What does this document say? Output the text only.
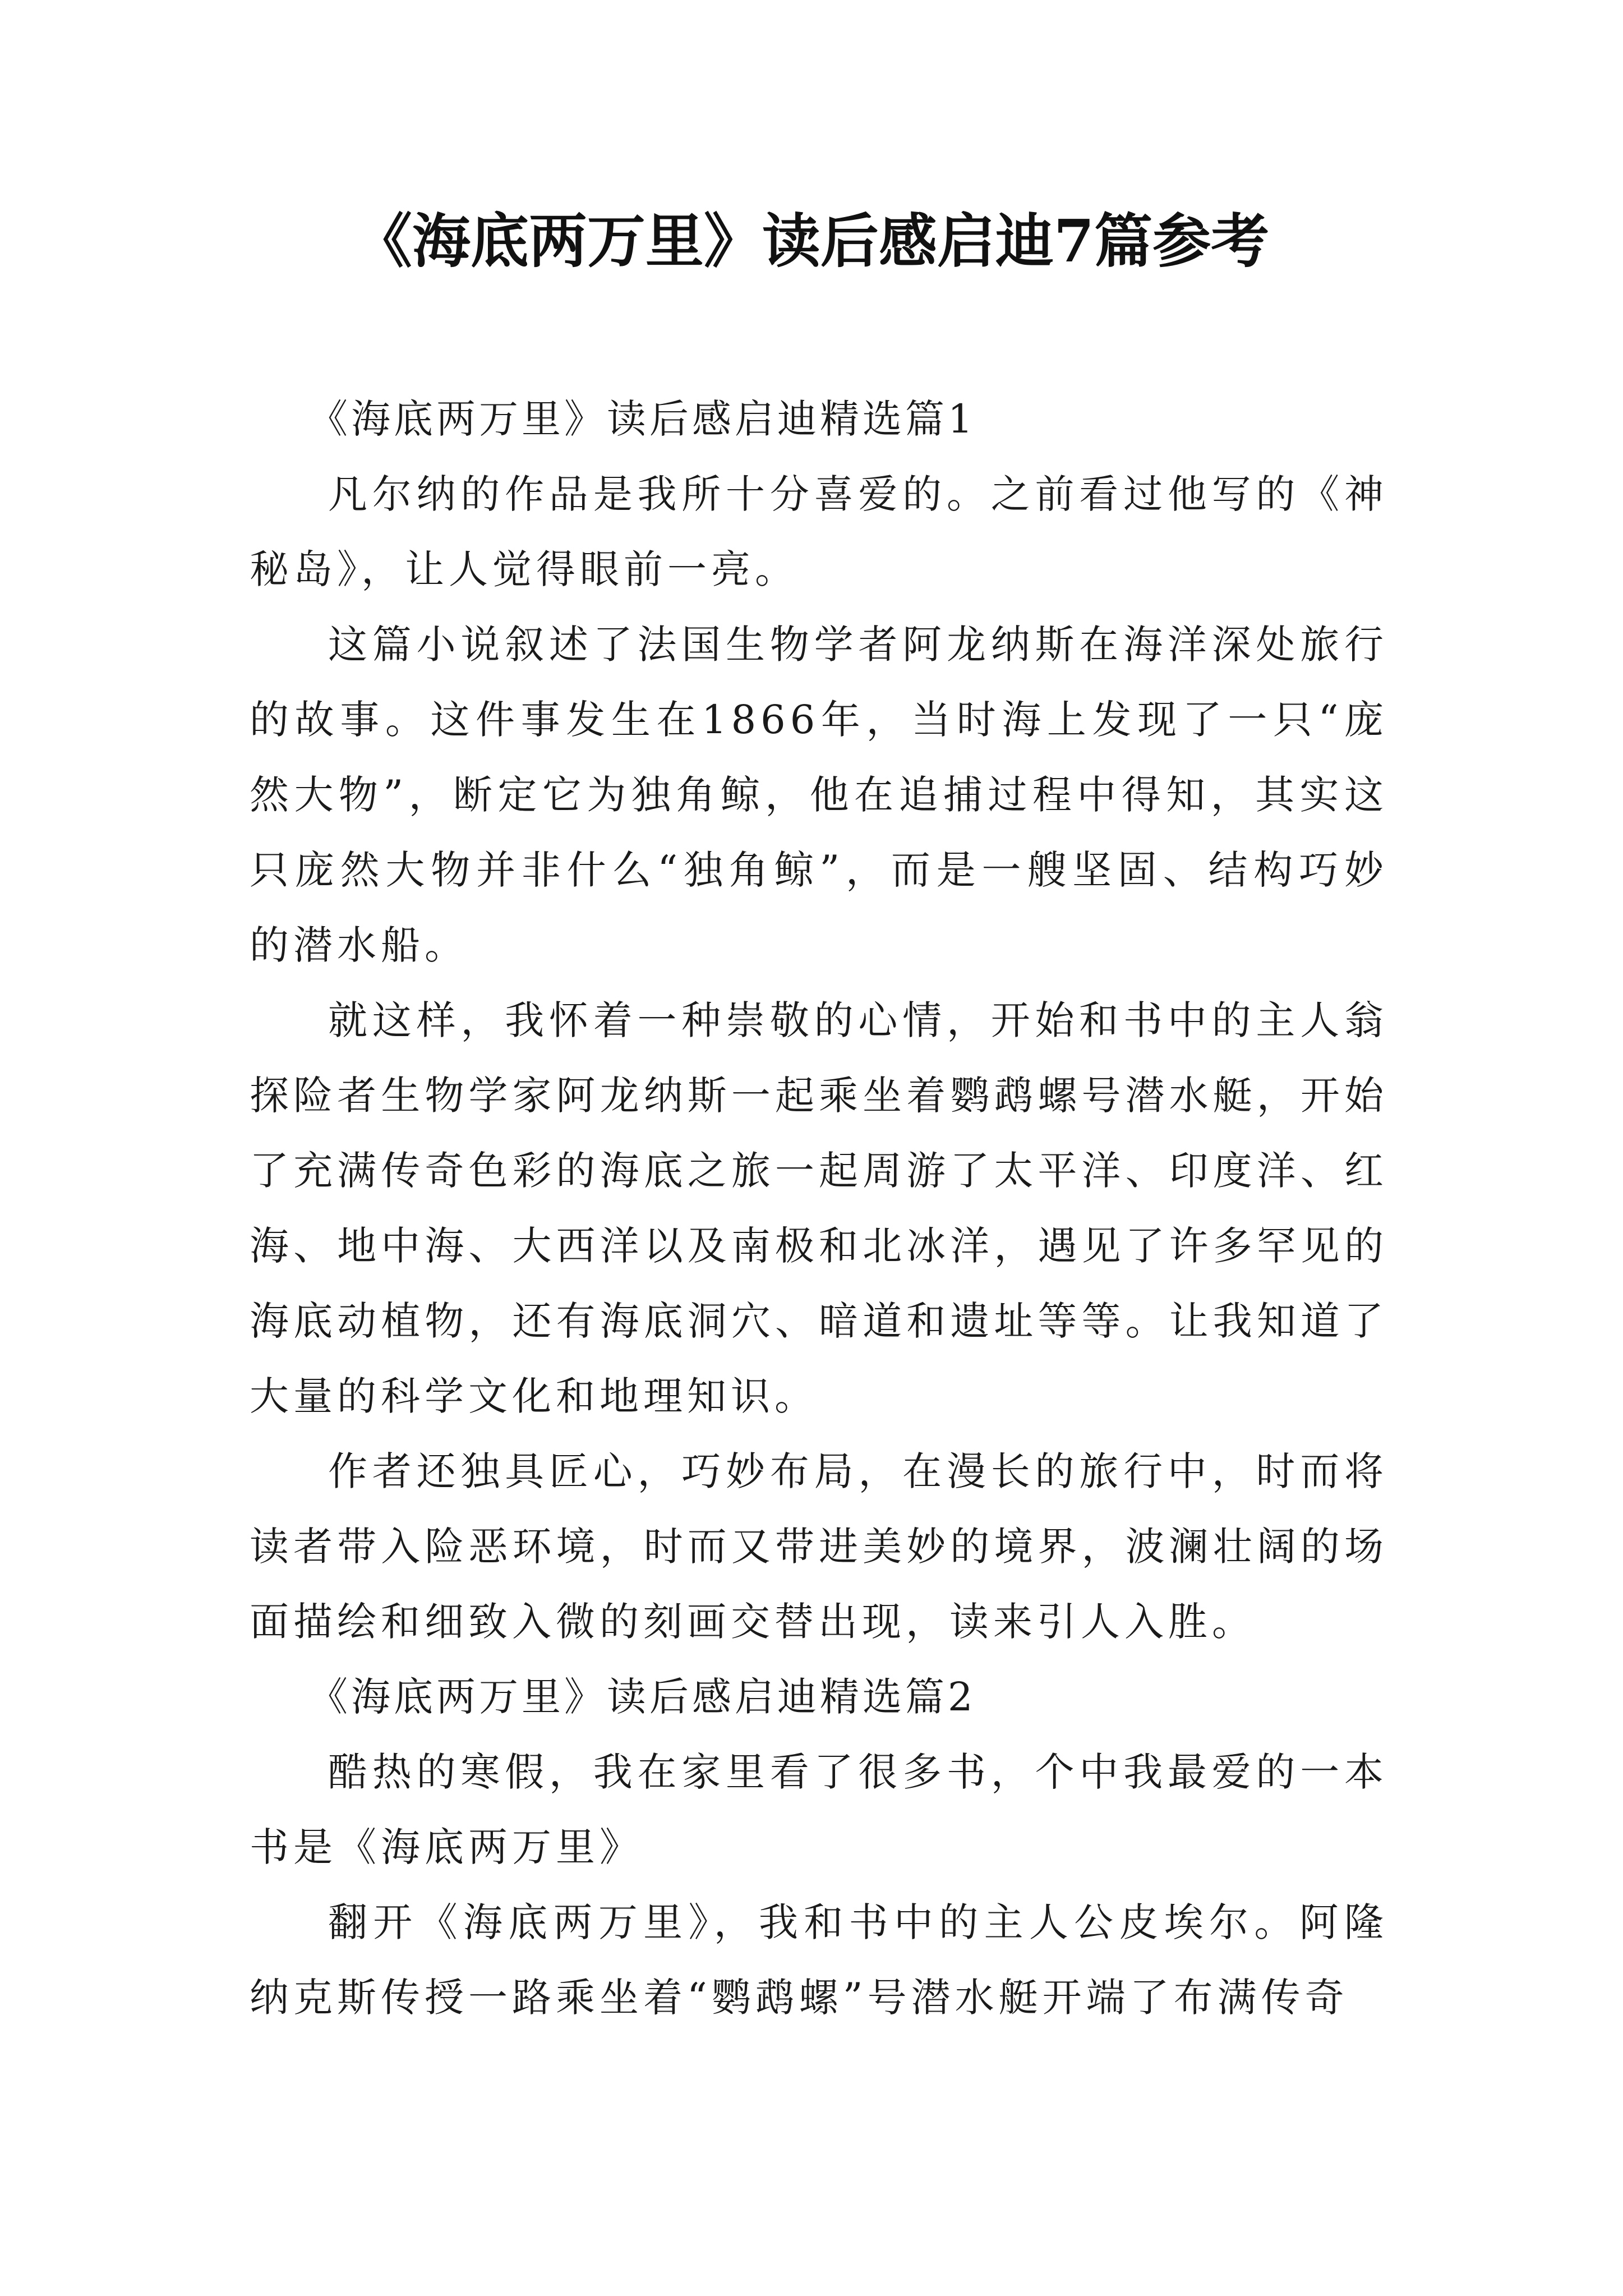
《海底两万里》读后感启迪7篇参考

《海底两万里》读后感启迪精选篇1

凡尔纳的作品是我所十分喜爱的。之前看过他写的《神秘岛》，让人觉得眼前一亮。

这篇小说叙述了法国生物学者阿龙纳斯在海洋深处旅行的故事。这件事发生在1866年，当时海上发现了一只“庞然大物”，断定它为独角鲸，他在追捕过程中得知，其实这只庞然大物并非什么“独角鲸”，而是一艘坚固、结构巧妙的潜水船。

就这样，我怀着一种崇敬的心情，开始和书中的主人翁探险者生物学家阿龙纳斯一起乘坐着鹦鹉螺号潜水艇，开始了充满传奇色彩的海底之旅一起周游了太平洋、印度洋、红海、地中海、大西洋以及南极和北冰洋，遇见了许多罕见的海底动植物，还有海底洞穴、暗道和遗址等等。让我知道了大量的科学文化和地理知识。

作者还独具匠心，巧妙布局，在漫长的旅行中，时而将读者带入险恶环境，时而又带进美妙的境界，波澜壮阔的场面描绘和细致入微的刻画交替出现，读来引人入胜。

《海底两万里》读后感启迪精选篇2

酷热的寒假，我在家里看了很多书，个中我最爱的一本书是《海底两万里》

翻开《海底两万里》，我和书中的主人公皮埃尔。阿隆纳克斯传授一路乘坐着“鹦鹉螺”号潜水艇开端了布满传奇
